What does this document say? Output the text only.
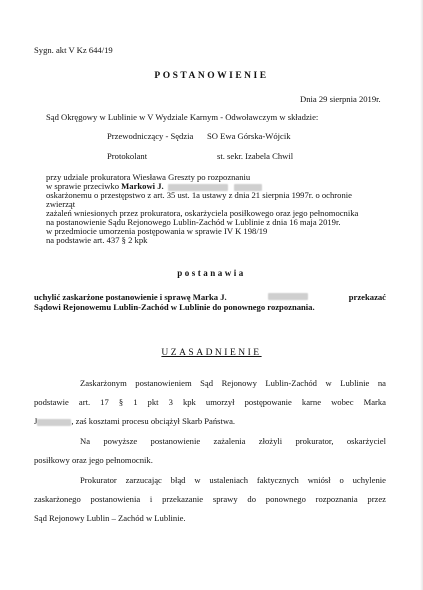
Sygn. akt V Kz 644/19
POSTANOWIENIE
Dnia 29 sierpnia 2019r.
Sąd Okręgowy w Lublinie w V Wydziale Karnym - Odwoławczym w składzie:
Przewodniczący - Sędzia SO Ewa Górska-Wójcik
Protokolant	st. sekr. Izabela Chwil
przy udziale prokuratora Wiesława Greszty po rozpoznaniu
w sprawie przeciwko Markowi J.
oskarżonemu o przestępstwo z art. 35 ust. 1a ustawy z dnia 21 sierpnia 1997r. o ochronie
zwierząt
zażaleń wniesionych przez prokuratora, oskarżyciela posiłkowego oraz jego pełnomocnika
na postanowienie Sądu Rejonowego Lublin-Zachód w Lublinie z dnia 16 maja 2019r.
w przedmiocie umorzenia postępowania w sprawie IV K 198/19
na podstawie art. 437 § 2 kpk
postanawia
uchylić zaskarżone postanowienie i sprawę Marka J.	przekazać
Sądowi Rejonowemu Lublin-Zachód w Lublinie do ponownego rozpoznania.
UZASADNIENIE
Zaskarżonym postanowieniem Sąd Rejonowy Lublin-Zachód w Lublinie na
podstawie art. 17 § 1 pkt 3 kpk umorzył postępowanie karne wobec Marka
J	, zaś kosztami procesu obciążył Skarb Państwa.
Na powyższe postanowienie zażalenia złożyli prokurator, oskarżyciel
posiłkowy oraz jego pełnomocnik.
Prokurator zarzucając błąd w ustaleniach faktycznych wniósł o uchylenie
zaskarżonego postanowienia i przekazanie sprawy do ponownego rozpoznania przez
Sąd Rejonowy Lublin – Zachód w Lublinie.
